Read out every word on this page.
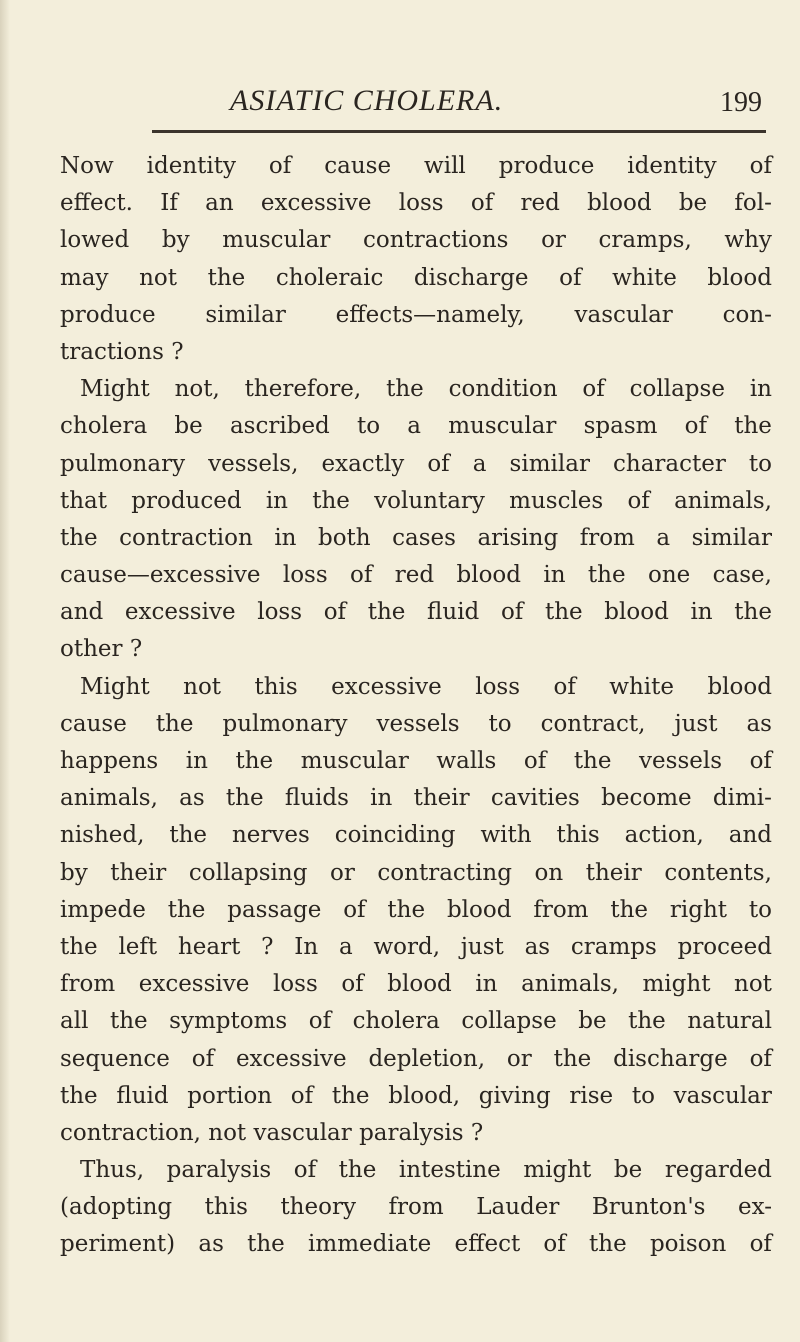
ASIATIC CHOLERA.	199
Now identity of cause will produce identity of
effect. If an excessive loss of red blood be fol-
lowed by muscular contractions or cramps, why
may not the choleraic discharge of white blood
produce similar effects—namely, vascular con-
tractions
?
Might not, therefore, the condition of collapse in
cholera be ascribed to a muscular spasm of the
pulmonary vessels, exactly of a similar character to
that produced in the voluntary muscles of animals,
the contraction in both cases arising from a similar
cause—excessive loss of red blood in the one case,
and excessive loss of the fluid of the blood in the
other
?
Might not this excessive loss of white blood
cause the pulmonary vessels to contract, just as
happens in the muscular walls of the vessels of
animals, as the fluids in their cavities become dimi-
nished, the nerves coinciding with this action, and
by their collapsing or contracting on their contents,
impede the passage of the blood from the right to
the left heart ? In a word, just as cramps proceed
from excessive loss of blood in animals, might not
all the symptoms of cholera collapse be the natural
sequence of excessive depletion, or the discharge of
the fluid portion of the blood, giving rise to vascular
contraction,
not
vascular
paralysis
?
Thus, paralysis of the intestine might be regarded
(adopting this theory from Lauder Brunton's ex-
periment) as the immediate effect of the poison of
